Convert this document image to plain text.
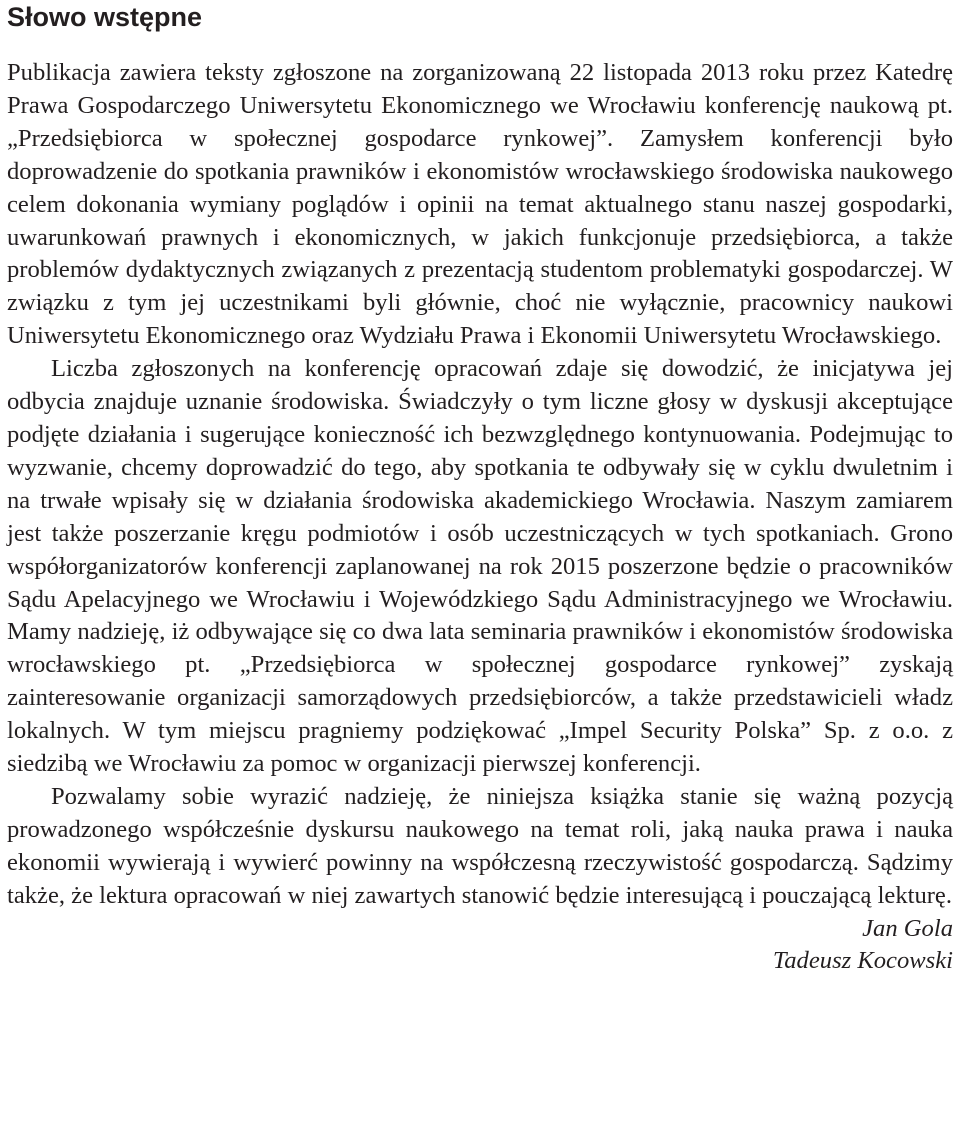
Słowo wstępne

Publikacja zawiera teksty zgłoszone na zorganizowaną 22 listopada 2013 roku przez Katedrę Prawa Gospodarczego Uniwersytetu Ekonomicznego we Wrocławiu konferencję naukową pt. „Przedsiębiorca w społecznej gospodarce rynkowej”. Zamysłem konferencji było doprowadzenie do spotkania prawników i ekonomistów wrocławskiego środowiska naukowego celem dokonania wymiany poglądów i opinii na temat aktualnego stanu naszej gospodarki, uwarunkowań prawnych i ekonomicznych, w jakich funkcjonuje przedsiębiorca, a także problemów dydaktycznych związanych z prezentacją studentom problematyki gospodarczej. W związku z tym jej uczestnikami byli głównie, choć nie wyłącznie, pracownicy naukowi Uniwersytetu Ekonomicznego oraz Wydziału Prawa i Ekonomii Uniwersytetu Wrocławskiego.

Liczba zgłoszonych na konferencję opracowań zdaje się dowodzić, że inicjatywa jej odbycia znajduje uznanie środowiska. Świadczyły o tym liczne głosy w dyskusji akceptujące podjęte działania i sugerujące konieczność ich bezwzględnego kontynuowania. Podejmując to wyzwanie, chcemy doprowadzić do tego, aby spotkania te odbywały się w cyklu dwuletnim i na trwałe wpisały się w działania środowiska akademickiego Wrocławia. Naszym zamiarem jest także poszerzanie kręgu podmiotów i osób uczestniczących w tych spotkaniach. Grono współorganizatorów konferencji zaplanowanej na rok 2015 poszerzone będzie o pracowników Sądu Apelacyjnego we Wrocławiu i Wojewódzkiego Sądu Administracyjnego we Wrocławiu. Mamy nadzieję, iż odbywające się co dwa lata seminaria prawników i ekonomistów środowiska wrocławskiego pt. „Przedsiębiorca w społecznej gospodarce rynkowej” zyskają zainteresowanie organizacji samorządowych przedsiębiorców, a także przedstawicieli władz lokalnych. W tym miejscu pragniemy podziękować „Impel Security Polska” Sp. z o.o. z siedzibą we Wrocławiu za pomoc w organizacji pierwszej konferencji.

Pozwalamy sobie wyrazić nadzieję, że niniejsza książka stanie się ważną pozycją prowadzonego współcześnie dyskursu naukowego na temat roli, jaką nauka prawa i nauka ekonomii wywierają i wywierć powinny na współczesną rzeczywistość gospodarczą. Sądzimy także, że lektura opracowań w niej zawartych stanowić będzie interesującą i pouczającą lekturę.

Jan Gola
Tadeusz Kocowski
